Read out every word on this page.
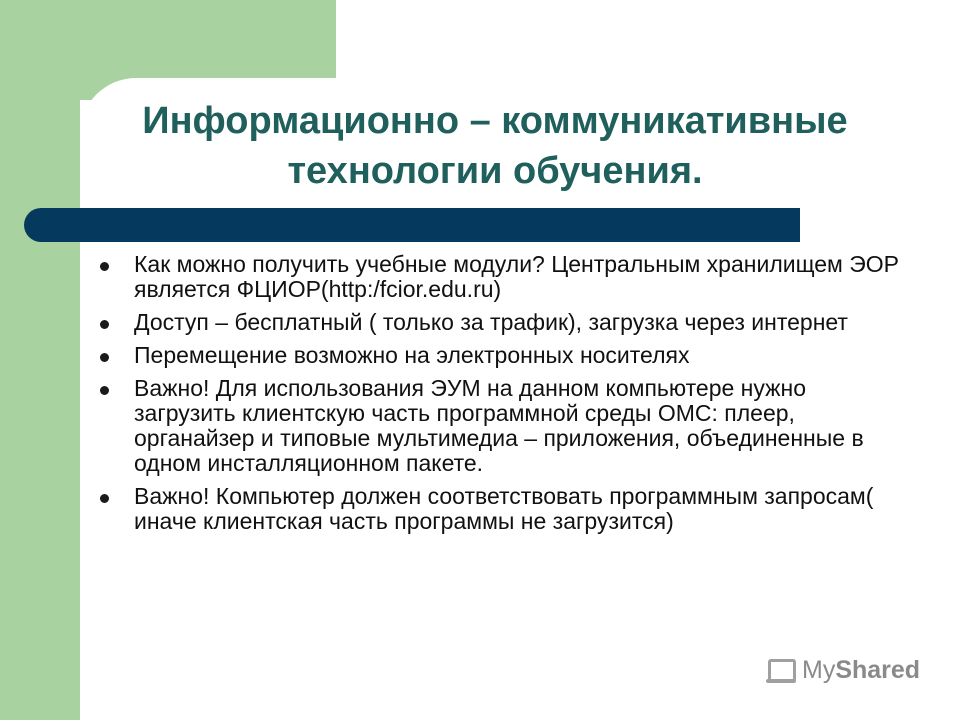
Информационно – коммуникативные
технологии обучения.
Как можно получить учебные модули? Центральным хранилищем ЭОР является ФЦИОР(http:/fcior.edu.ru)
Доступ – бесплатный ( только за трафик), загрузка через интернет
Перемещение возможно на электронных носителях
Важно! Для использования ЭУМ на данном компьютере нужно загрузить клиентскую часть программной среды ОМС: плеер, органайзер и типовые мультимедиа – приложения, объединенные в одном инсталляционном пакете.
Важно! Компьютер должен соответствовать программным запросам( иначе клиентская часть программы не загрузится)
MyShared
